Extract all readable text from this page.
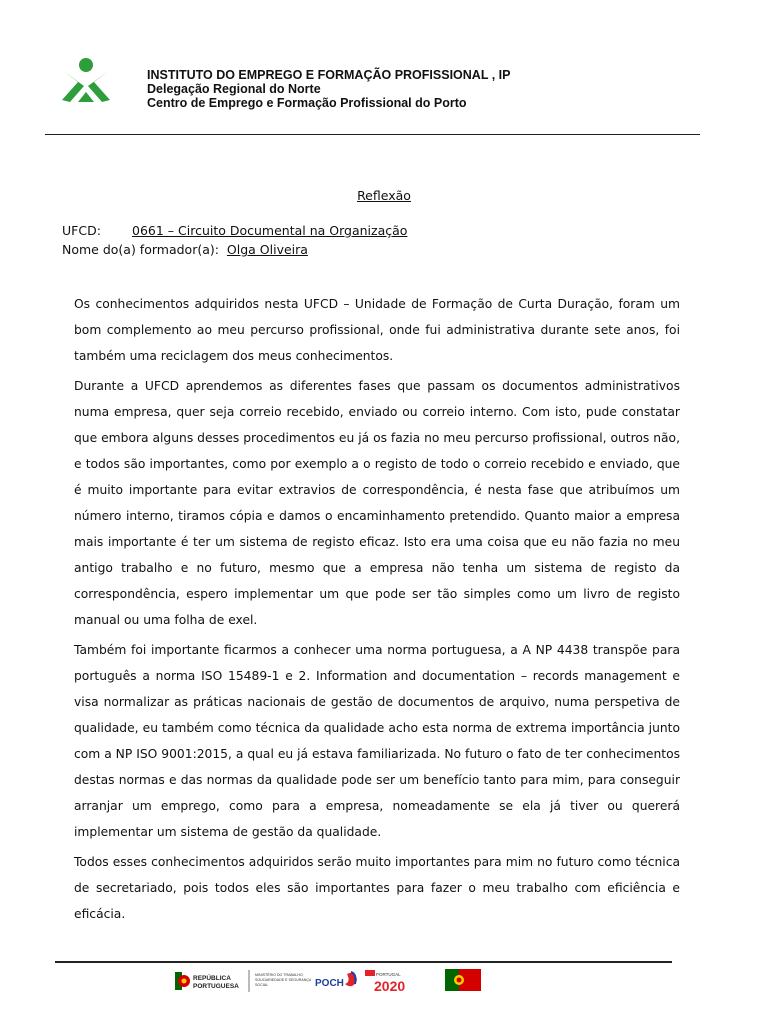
INSTITUTO DO EMPREGO E FORMAÇÃO PROFISSIONAL , IP
Delegação Regional do Norte
Centro de Emprego e Formação Profissional do Porto
Reflexão
UFCD: 0661 – Circuito Documental na Organização
Nome do(a) formador(a): Olga Oliveira

Os conhecimentos adquiridos nesta UFCD – Unidade de Formação de Curta Duração, foram um bom complemento ao meu percurso profissional, onde fui administrativa durante sete anos, foi também uma reciclagem dos meus conhecimentos.

Durante a UFCD aprendemos as diferentes fases que passam os documentos administrativos numa empresa, quer seja correio recebido, enviado ou correio interno. Com isto, pude constatar que embora alguns desses procedimentos eu já os fazia no meu percurso profissional, outros não, e todos são importantes, como por exemplo a o registo de todo o correio recebido e enviado, que é muito importante para evitar extravios de correspondência, é nesta fase que atribuímos um número interno, tiramos cópia e damos o encaminhamento pretendido. Quanto maior a empresa mais importante é ter um sistema de registo eficaz. Isto era uma coisa que eu não fazia no meu antigo trabalho e no futuro, mesmo que a empresa não tenha um sistema de registo da correspondência, espero implementar um que pode ser tão simples como um livro de registo manual ou uma folha de exel.

Também foi importante ficarmos a conhecer uma norma portuguesa, a A NP 4438 transpõe para português a norma ISO 15489-1 e 2. Information and documentation – records management e visa normalizar as práticas nacionais de gestão de documentos de arquivo, numa perspetiva de qualidade, eu também como técnica da qualidade acho esta norma de extrema importância junto com a NP ISO 9001:2015, a qual eu já estava familiarizada. No futuro o fato de ter conhecimentos destas normas e das normas da qualidade pode ser um benefício tanto para mim, para conseguir arranjar um emprego, como para a empresa, nomeadamente se ela já tiver ou quererá implementar um sistema de gestão da qualidade.

Todos esses conhecimentos adquiridos serão muito importantes para mim no futuro como técnica de secretariado, pois todos eles são importantes para fazer o meu trabalho com eficiência e eficácia.

REPÚBLICA
PORTUGUESA
MINISTÉRIO DO TRABALHO,
SOLIDARIEDADE E SEGURANÇA
SOCIAL	POCH
PORTUGAL
2020
